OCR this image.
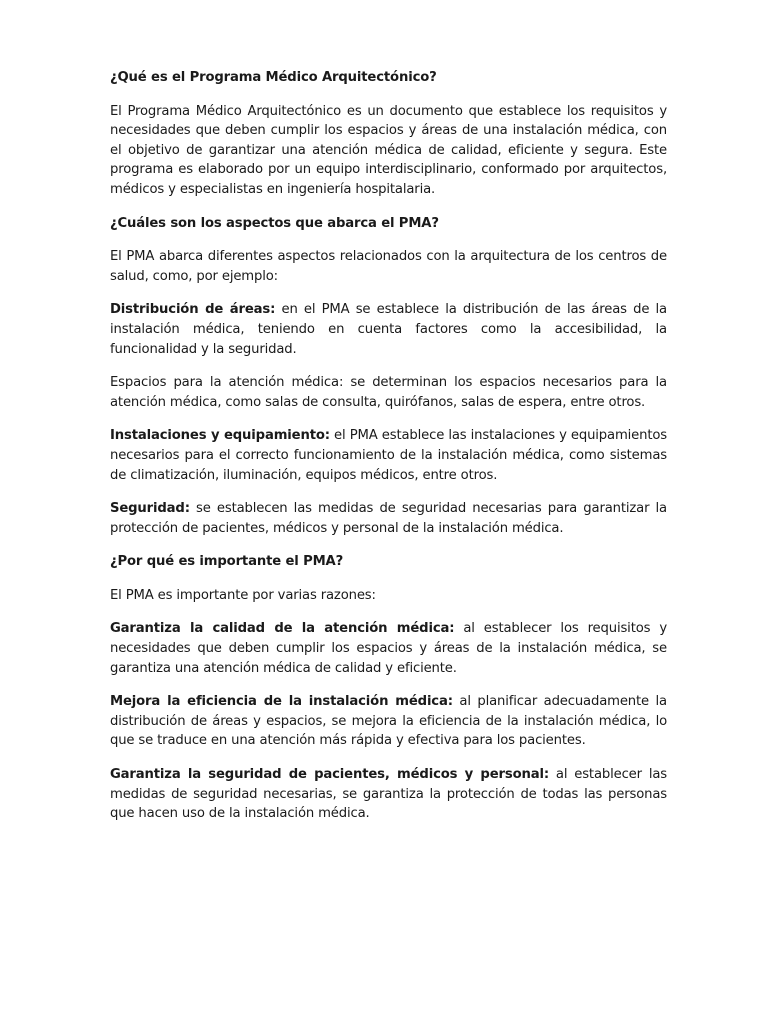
¿Qué es el Programa Médico Arquitectónico?

El Programa Médico Arquitectónico es un documento que establece los requisitos y necesidades que deben cumplir los espacios y áreas de una instalación médica, con el objetivo de garantizar una atención médica de calidad, eficiente y segura. Este programa es elaborado por un equipo interdisciplinario, conformado por arquitectos, médicos y especialistas en ingeniería hospitalaria.

¿Cuáles son los aspectos que abarca el PMA?

El PMA abarca diferentes aspectos relacionados con la arquitectura de los centros de salud, como, por ejemplo:

Distribución de áreas: en el PMA se establece la distribución de las áreas de la instalación médica, teniendo en cuenta factores como la accesibilidad, la funcionalidad y la seguridad.

Espacios para la atención médica: se determinan los espacios necesarios para la atención médica, como salas de consulta, quirófanos, salas de espera, entre otros.

Instalaciones y equipamiento: el PMA establece las instalaciones y equipamientos necesarios para el correcto funcionamiento de la instalación médica, como sistemas de climatización, iluminación, equipos médicos, entre otros.

Seguridad: se establecen las medidas de seguridad necesarias para garantizar la protección de pacientes, médicos y personal de la instalación médica.

¿Por qué es importante el PMA?

El PMA es importante por varias razones:

Garantiza la calidad de la atención médica: al establecer los requisitos y necesidades que deben cumplir los espacios y áreas de la instalación médica, se garantiza una atención médica de calidad y eficiente.

Mejora la eficiencia de la instalación médica: al planificar adecuadamente la distribución de áreas y espacios, se mejora la eficiencia de la instalación médica, lo que se traduce en una atención más rápida y efectiva para los pacientes.

Garantiza la seguridad de pacientes, médicos y personal: al establecer las medidas de seguridad necesarias, se garantiza la protección de todas las personas que hacen uso de la instalación médica.
